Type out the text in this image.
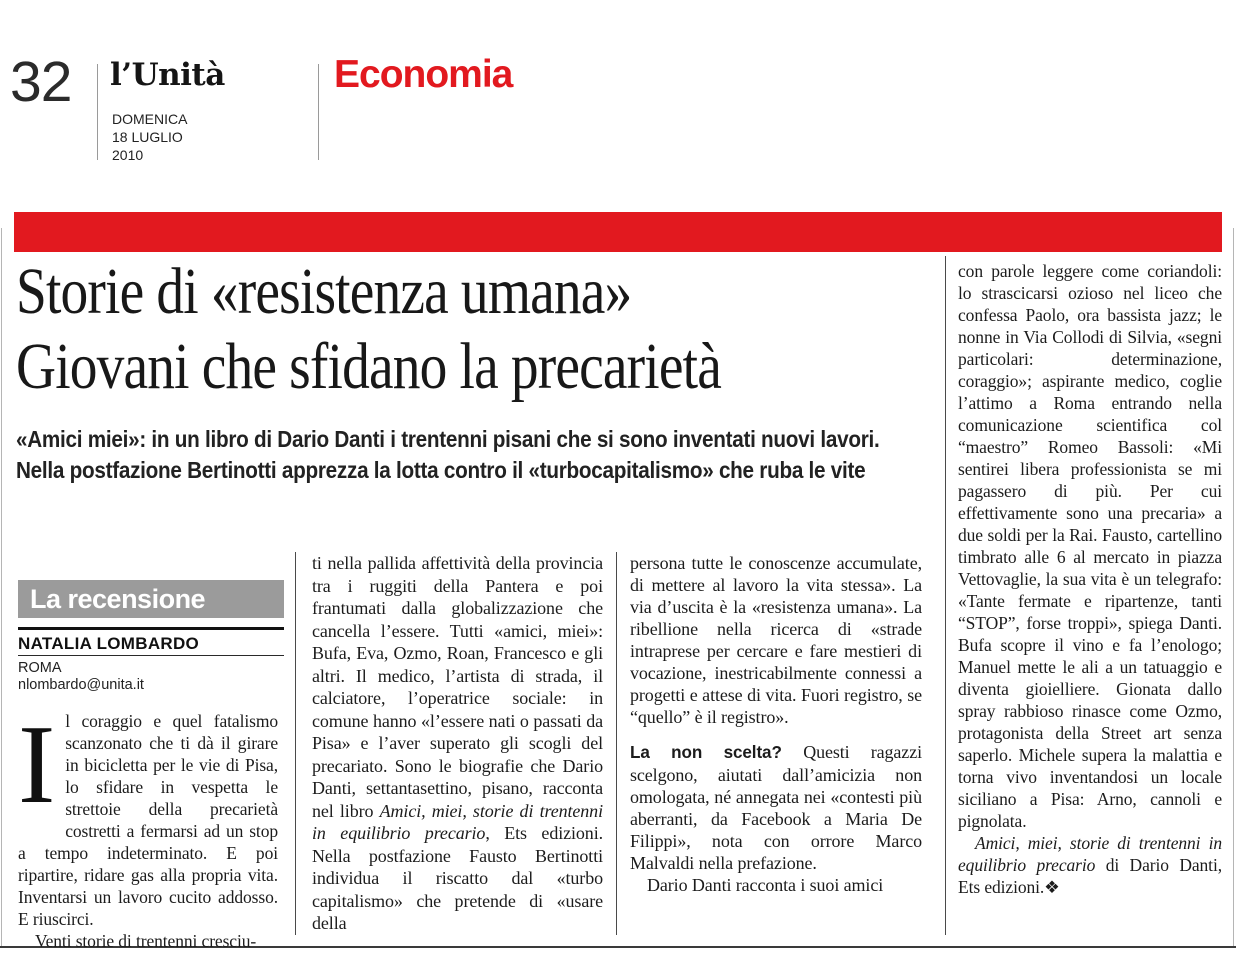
32 l’Unità
DOMENICA
18 LUGLIO
2010
Economia
Storie di «resistenza umana»
Giovani che sfidano la precarietà
«Amici miei»: in un libro di Dario Danti i trentenni pisani che si sono inventati nuovi lavori.
Nella postfazione Bertinotti apprezza la lotta contro il «turbocapitalismo» che ruba le vite
La recensione
NATALIA LOMBARDO
ROMA
nlombardo@unita.it

Il coraggio e quel fatalismo scanzonato che ti dà il girare in bicicletta per le vie di Pisa, lo sfidare in vespetta le strettoie della precarietà costretti a fermarsi ad un stop a tempo indeterminato. E poi ripartire, ridare gas alla propria vita. Inventarsi un lavoro cucito addosso. E riuscirci.

Venti storie di trentenni cresciu-

ti nella pallida affettività della provincia tra i ruggiti della Pantera e poi frantumati dalla globalizzazione che cancella l’essere. Tutti «amici, miei»: Bufa, Eva, Ozmo, Roan, Francesco e gli altri. Il medico, l’artista di strada, il calciatore, l’operatrice sociale: in comune hanno «l’essere nati o passati da Pisa» e l’aver superato gli scogli del precariato. Sono le biografie che Dario Danti, settantasettino, pisano, racconta nel libro Amici, miei, storie di trentenni in equilibrio precario, Ets edizioni. Nella postfazione Fausto Bertinotti individua il riscatto dal «turbo capitalismo» che pretende di «usare della

persona tutte le conoscenze accumulate, di mettere al lavoro la vita stessa». La via d’uscita è la «resistenza umana». La ribellione nella ricerca di «strade intraprese per cercare e fare mestieri di vocazione, inestricabilmente connessi a progetti e attese di vita. Fuori registro, se “quello” è il registro».

La non scelta? Questi ragazzi scelgono, aiutati dall’amicizia non omologata, né annegata nei «contesti più aberranti, da Facebook a Maria De Filippi», nota con orrore Marco Malvaldi nella prefazione.

Dario Danti racconta i suoi amici

con parole leggere come coriandoli: lo strascicarsi ozioso nel liceo che confessa Paolo, ora bassista jazz; le nonne in Via Collodi di Silvia, «segni particolari: determinazione, coraggio»; aspirante medico, coglie l’attimo a Roma entrando nella comunicazione scientifica col “maestro” Romeo Bassoli: «Mi sentirei libera professionista se mi pagassero di più. Per cui effettivamente sono una precaria» a due soldi per la Rai. Fausto, cartellino timbrato alle 6 al mercato in piazza Vettovaglie, la sua vita è un telegrafo: «Tante fermate e ripartenze, tanti “STOP”, forse troppi», spiega Danti. Bufa scopre il vino e fa l’enologo; Manuel mette le ali a un tatuaggio e diventa gioielliere. Gionata dallo spray rabbioso rinasce come Ozmo, protagonista della Street art senza saperlo. Michele supera la malattia e torna vivo inventandosi un locale siciliano a Pisa: Arno, cannoli e pignolata.

Amici, miei, storie di trentenni in equilibrio precario di Dario Danti, Ets edizioni.❖
